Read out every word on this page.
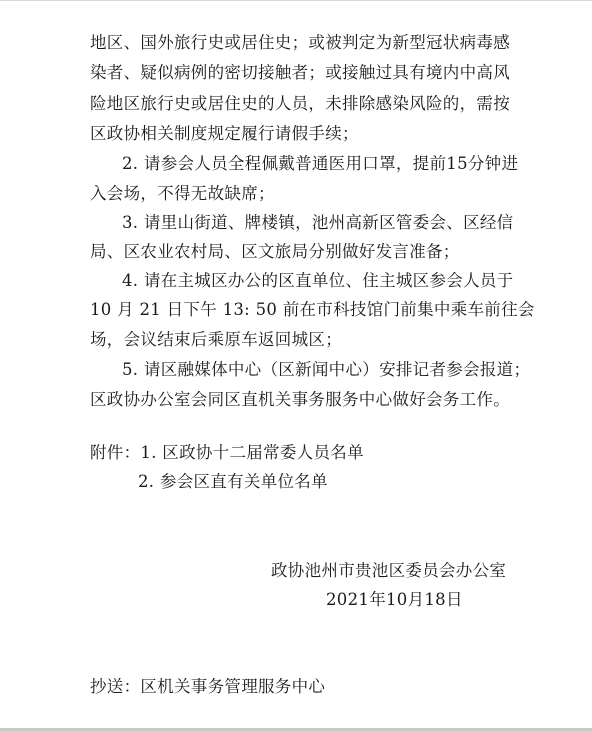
地区、国外旅行史或居住史；或被判定为新型冠状病毒感
染者、疑似病例的密切接触者；或接触过具有境内中高风
险地区旅行史或居住史的人员，未排除感染风险的，需按
区政协相关制度规定履行请假手续；
2. 请参会人员全程佩戴普通医用口罩，提前15分钟进
入会场，不得无故缺席；
3. 请里山街道、牌楼镇，池州高新区管委会、区经信
局、区农业农村局、区文旅局分别做好发言准备；
4. 请在主城区办公的区直单位、住主城区参会人员于
10 月 21 日下午 13: 50 前在市科技馆门前集中乘车前往会
场，会议结束后乘原车返回城区；
5. 请区融媒体中心（区新闻中心）安排记者参会报道；
区政协办公室会同区直机关事务服务中心做好会务工作。
附件：1. 区政协十二届常委人员名单
2. 参会区直有关单位名单
政协池州市贵池区委员会办公室
2021年10月18日
抄送：区机关事务管理服务中心
